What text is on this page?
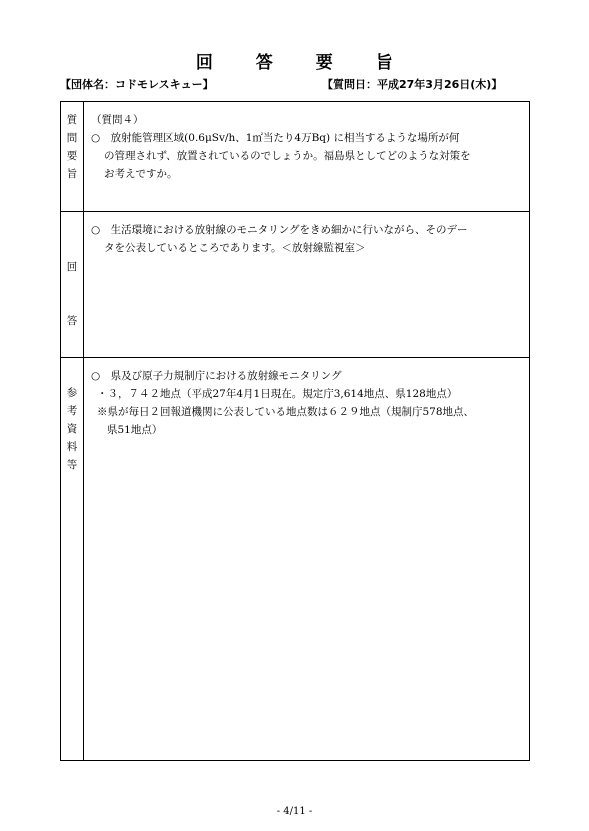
回 答 要 旨
【団体名：コドモレスキュー】	【質問日：平成27年3月26日(木)】
質
問
要
旨
（質問４）
○　放射能管理区域(0.6μSv/h、1㎡当たり4万Bq) に相当するような場所が何
の管理されず、放置されているのでしょうか。福島県としてどのような対策を
お考えですか。
回
答
○　生活環境における放射線のモニタリングをきめ細かに行いながら、そのデー
タを公表しているところであります。＜放射線監視室＞
参
考
資
料
等
○　県及び原子力規制庁における放射線モニタリング
・３，７４２地点（平成27年4月1日現在。規定庁3,614地点、県128地点）
※県が毎日２回報道機関に公表している地点数は６２９地点（規制庁578地点、
県51地点）
- 4/11 -
